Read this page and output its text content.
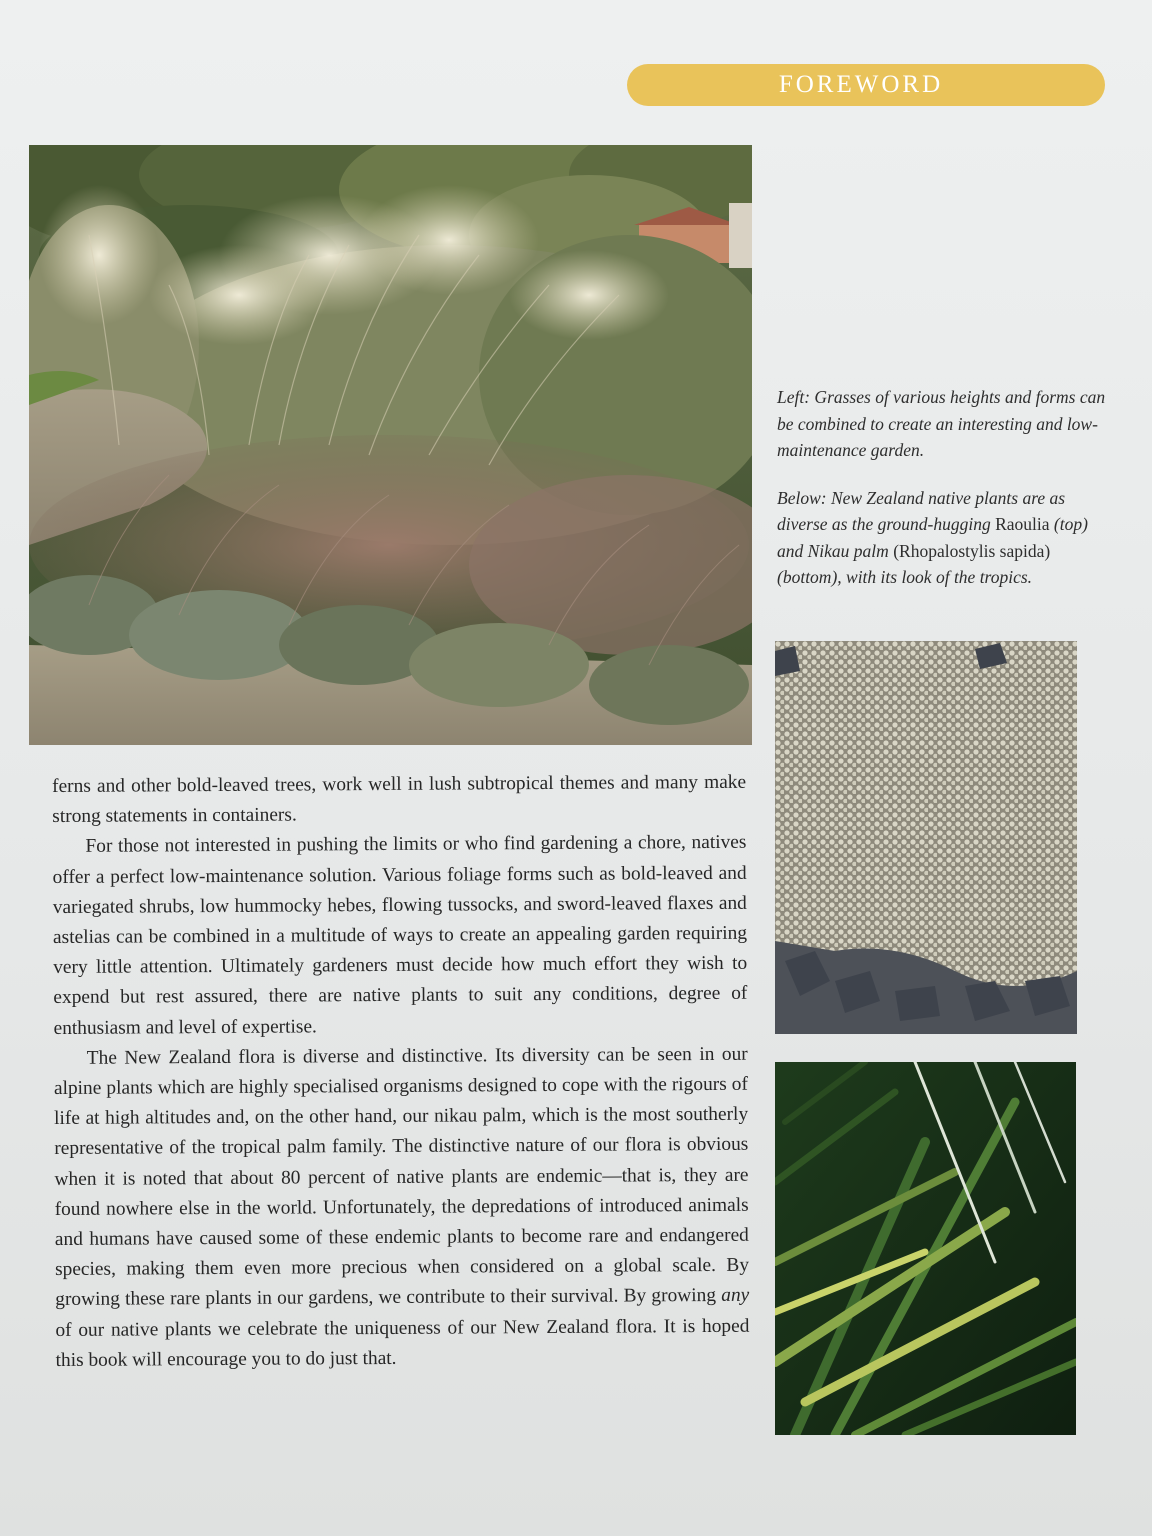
FOREWORD

Left: Grasses of various heights and forms can be combined to create an interesting and low-maintenance garden.

Below: New Zealand native plants are as diverse as the ground-hugging Raoulia (top) and Nikau palm (Rhopalostylis sapida) (bottom), with its look of the tropics.

ferns and other bold-leaved trees, work well in lush subtropical themes and many make strong statements in containers.

For those not interested in pushing the limits or who find gardening a chore, natives offer a perfect low-maintenance solution. Various foliage forms such as bold-leaved and variegated shrubs, low hummocky hebes, flowing tussocks, and sword-leaved flaxes and astelias can be combined in a multitude of ways to create an appealing garden requiring very little attention. Ultimately gardeners must decide how much effort they wish to expend but rest assured, there are native plants to suit any conditions, degree of enthusiasm and level of expertise.

The New Zealand flora is diverse and distinctive. Its diversity can be seen in our alpine plants which are highly specialised organisms designed to cope with the rigours of life at high altitudes and, on the other hand, our nikau palm, which is the most southerly representative of the tropical palm family. The distinctive nature of our flora is obvious when it is noted that about 80 percent of native plants are endemic—that is, they are found nowhere else in the world. Unfortunately, the depredations of introduced animals and humans have caused some of these endemic plants to become rare and endangered species, making them even more precious when considered on a global scale. By growing these rare plants in our gardens, we contribute to their survival. By growing any of our native plants we celebrate the uniqueness of our New Zealand flora. It is hoped this book will encourage you to do just that.
